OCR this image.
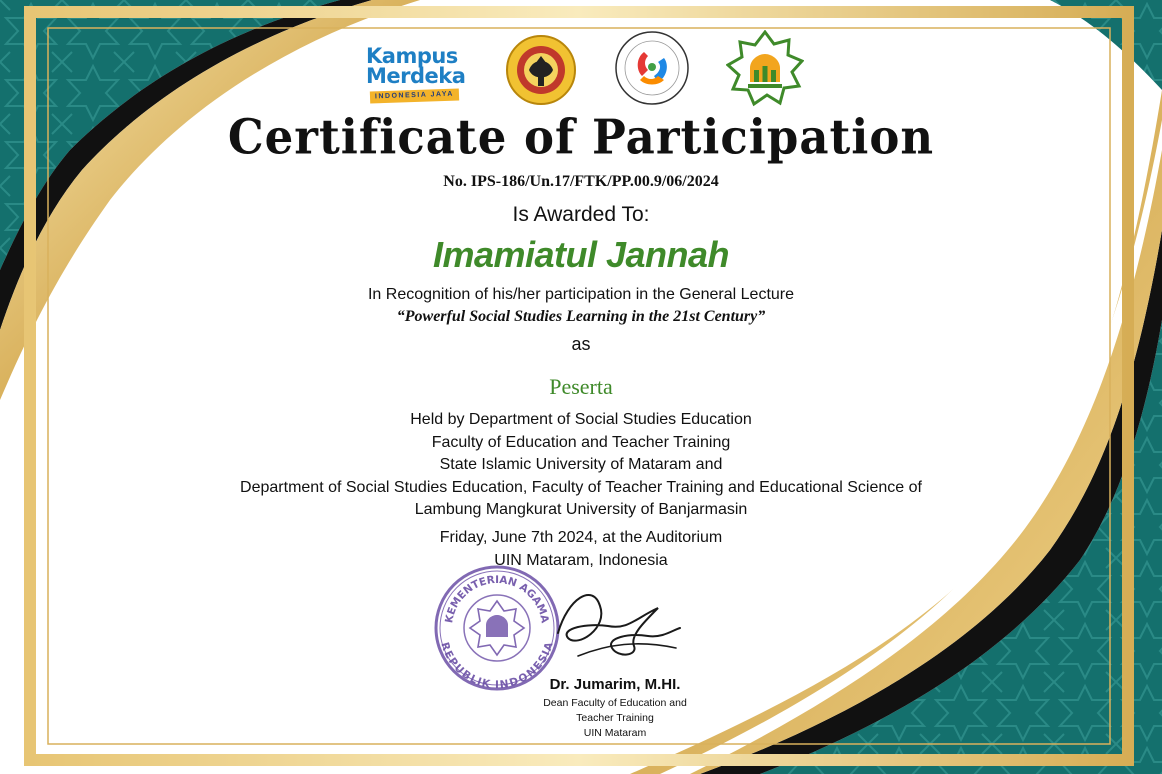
Kampus
Merdeka
INDONESIA JAYA
Certificate of Participation
No. IPS-186/Un.17/FTK/PP.00.9/06/2024
Is Awarded To:
Imamiatul Jannah
In Recognition of his/her participation in the General Lecture
“Powerful Social Studies Learning in the 21st Century”
as
Peserta
Held by Department of Social Studies Education
Faculty of Education and Teacher Training
State Islamic University of Mataram and
Department of Social Studies Education, Faculty of Teacher Training and Educational Science of
Lambung Mangkurat University of Banjarmasin
Friday, June 7th 2024, at the Auditorium
UIN Mataram, Indonesia
KEMENTERIAN AGAMA
REPUBLIK INDONESIA
Dr. Jumarim, M.HI.
Dean Faculty of Education and
Teacher Training
UIN Mataram
